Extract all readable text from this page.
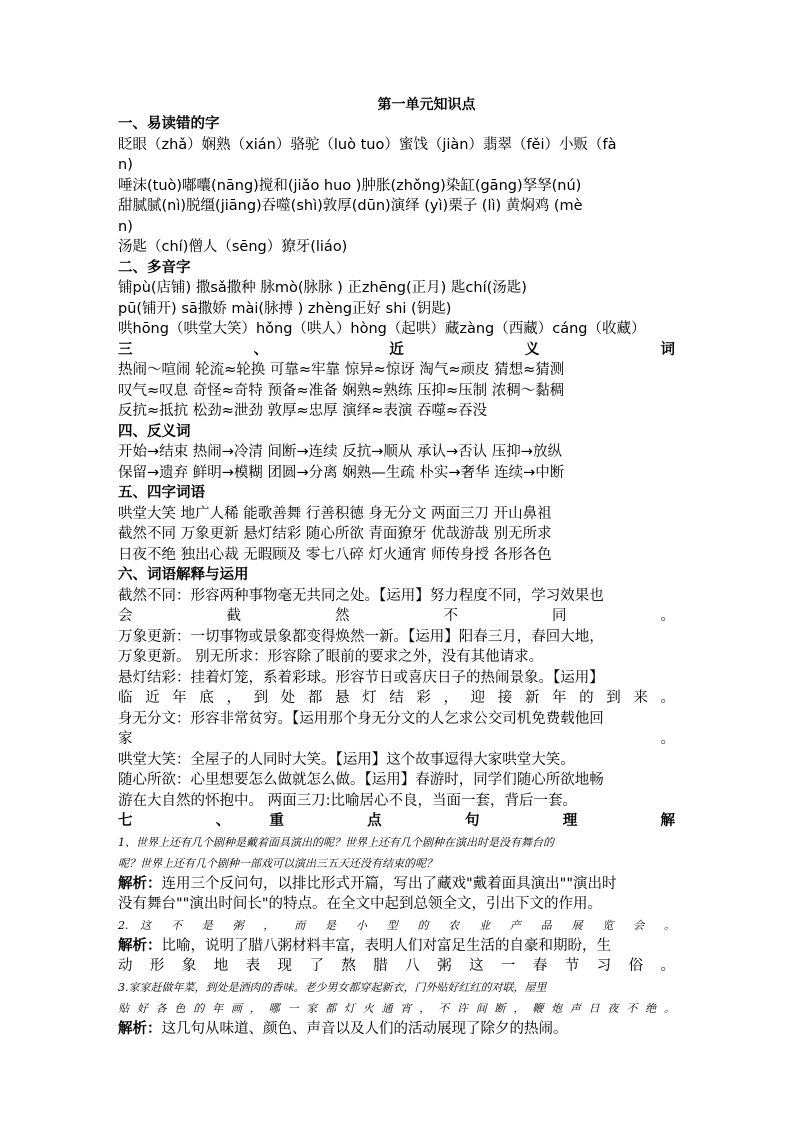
第一单元知识点
一、易读错的字
眨眼（zhǎ）娴熟（xián）骆驼（luò tuo）蜜饯（jiàn）翡翠（fěi）小贩（fà
n)
唾沫(tuò)嘟囔(nāng)搅和(jiǎo huo )肿胀(zhǒng)染缸(gāng)孥孥(nú)
甜腻腻(nì)脱缰(jiāng)吞噬(shì)敦厚(dūn)演绎 (yì)栗子 (lì) 黄焖鸡 (mè
n)
汤匙（chí)僧人（sēng）獠牙(liáo)
二、多音字
铺pù(店铺) 撒sǎ撒种 脉mò(脉脉 ) 正zhēng(正月) 匙chí(汤匙)
pū(铺开) sā撒娇 mài(脉搏 ) zhèng正好 shi (钥匙)
哄hōng（哄堂大笑）hǒng（哄人）hòng（起哄）藏zàng（西藏）cáng（收藏）
三 、 近 义 词
热闹～喧闹 轮流≈轮换 可靠≈牢靠 惊异≈惊讶 淘气≈顽皮 猜想≈猜测
叹气≈叹息 奇怪≈奇特 预备≈准备 娴熟≈熟练 压抑≈压制 浓稠～黏稠
反抗≈抵抗 松劲≈泄劲 敦厚≈忠厚 演绎≈表演 吞噬≈吞没
四、反义词
开始→结束 热闹→冷清 间断→连续 反抗→顺从 承认→否认 压抑→放纵
保留→遗弃 鲜明→模糊 团圆→分离 娴熟—生疏 朴实→奢华 连续→中断
五、四字词语
哄堂大笑 地广人稀 能歌善舞 行善积德 身无分文 两面三刀 开山鼻祖
截然不同 万象更新 悬灯结彩 随心所欲 青面獠牙 优哉游哉 别无所求
日夜不绝 独出心裁 无暇顾及 零七八碎 灯火通宵 师传身授 各形各色
六、词语解释与运用
截然不同：形容两种事物毫无共同之处。【运用】努力程度不同，学习效果也
会 截 然 不 同 。
万象更新：一切事物或景象都变得焕然一新。【运用】阳春三月，春回大地，
万象更新。 别无所求：形容除了眼前的要求之外，没有其他请求。
悬灯结彩：挂着灯笼，系着彩球。形容节日或喜庆日子的热闹景象。【运用】
临 近 年 底 ， 到 处 都 悬 灯 结 彩 ， 迎 接 新 年 的 到 来 。
身无分文：形容非常贫穷。【运用那个身无分文的人乞求公交司机免费载他回
家 。
哄堂大笑：全屋子的人同时大笑。【运用】这个故事逗得大家哄堂大笑。
随心所欲：心里想要怎么做就怎么做。【运用】春游时，同学们随心所欲地畅
游在大自然的怀抱中。 两面三刀:比喻居心不良，当面一套，背后一套。
七 、重 点 句 理 解
1、世界上还有几个剧种是戴着面具演出的呢？世界上还有几个剧种在演出时是没有舞台的
呢？世界上还有几个剧种一部戏可以演出三五天还没有结束的呢？
解析：连用三个反问句，以排比形式开篇，写出了藏戏"戴着面具演出""演出时
没有舞台""演出时间长"的特点。在全文中起到总领全文，引出下文的作用。
2. 这 不 是 粥 ， 而 是 小 型 的 农 业 产 品 展 览 会 。
解析：比喻，说明了腊八粥材料丰富，表明人们对富足生活的自豪和期盼，生
动 形 象 地 表 现 了 熬 腊 八 粥 这 一 春 节 习 俗 。
3.家家赶做年菜，到处是酒肉的香味。老少男女都穿起新衣，门外贴好红红的对联，屋里
贴 好 各 色 的 年 画 ， 哪 一 家 都 灯 火 通 宵 ， 不 许 间 断 ， 鞭 炮 声 日 夜 不 绝 。
解析：这几句从味道、颜色、声音以及人们的活动展现了除夕的热闹。
